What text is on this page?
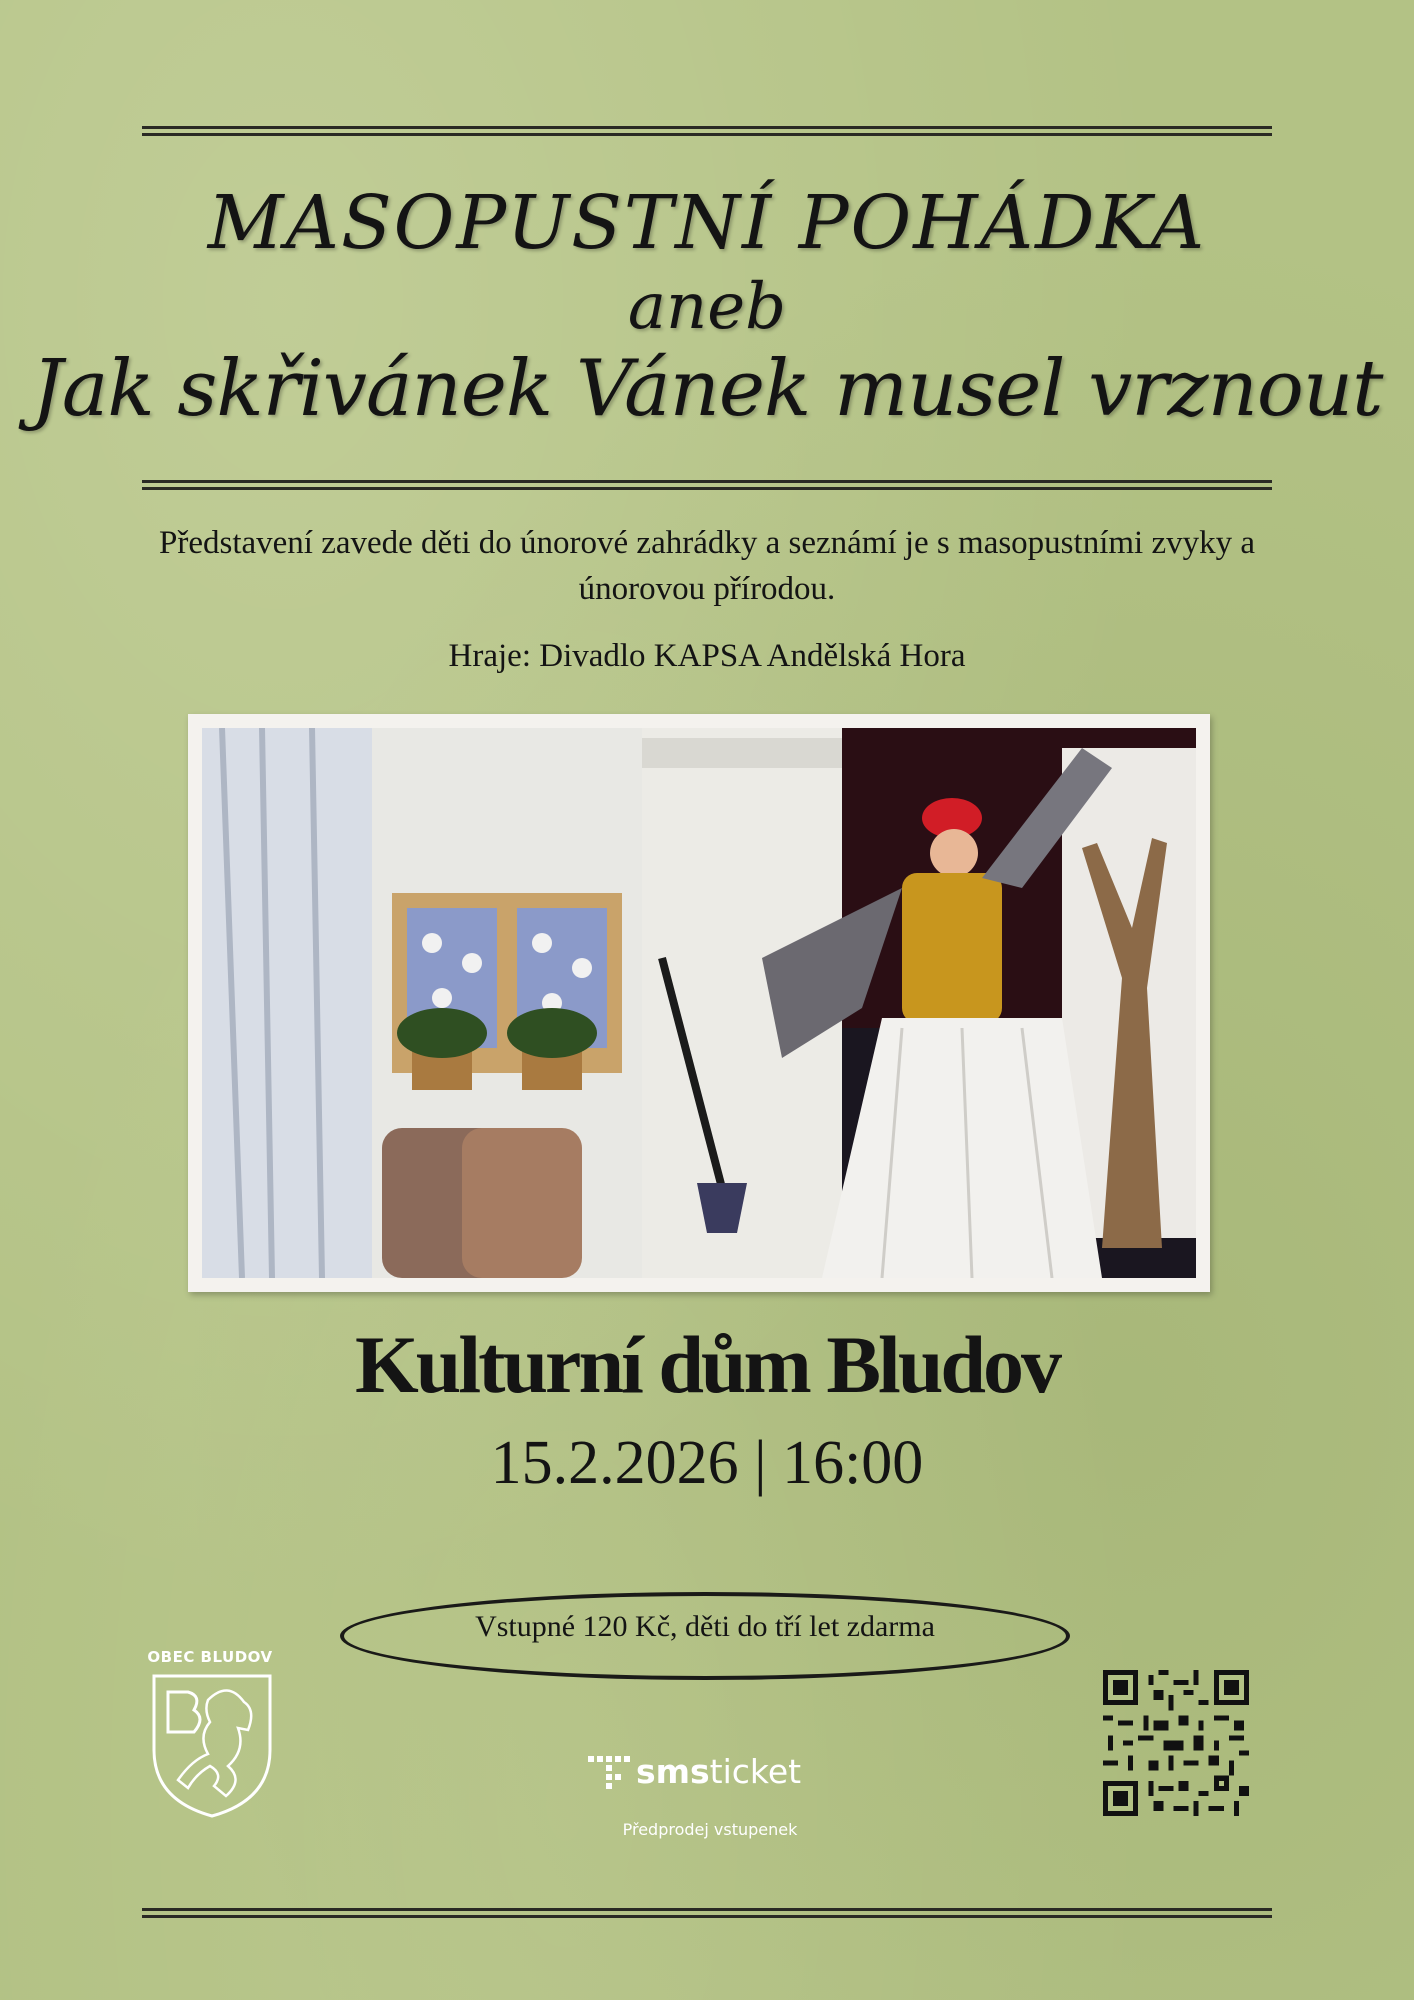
MASOPUSTNÍ POHÁDKA
aneb
Jak skřivánek Vánek musel vrznout
Představení zavede děti do únorové zahrádky a seznámí je s masopustními zvyky a únorovou přírodou.
Hraje: Divadlo KAPSA Andělská Hora
Kulturní dům Bludov
15.2.2026 | 16:00
Vstupné 120 Kč, děti do tří let zdarma
OBEC BLUDOV
smsticket
Předprodej vstupenek
